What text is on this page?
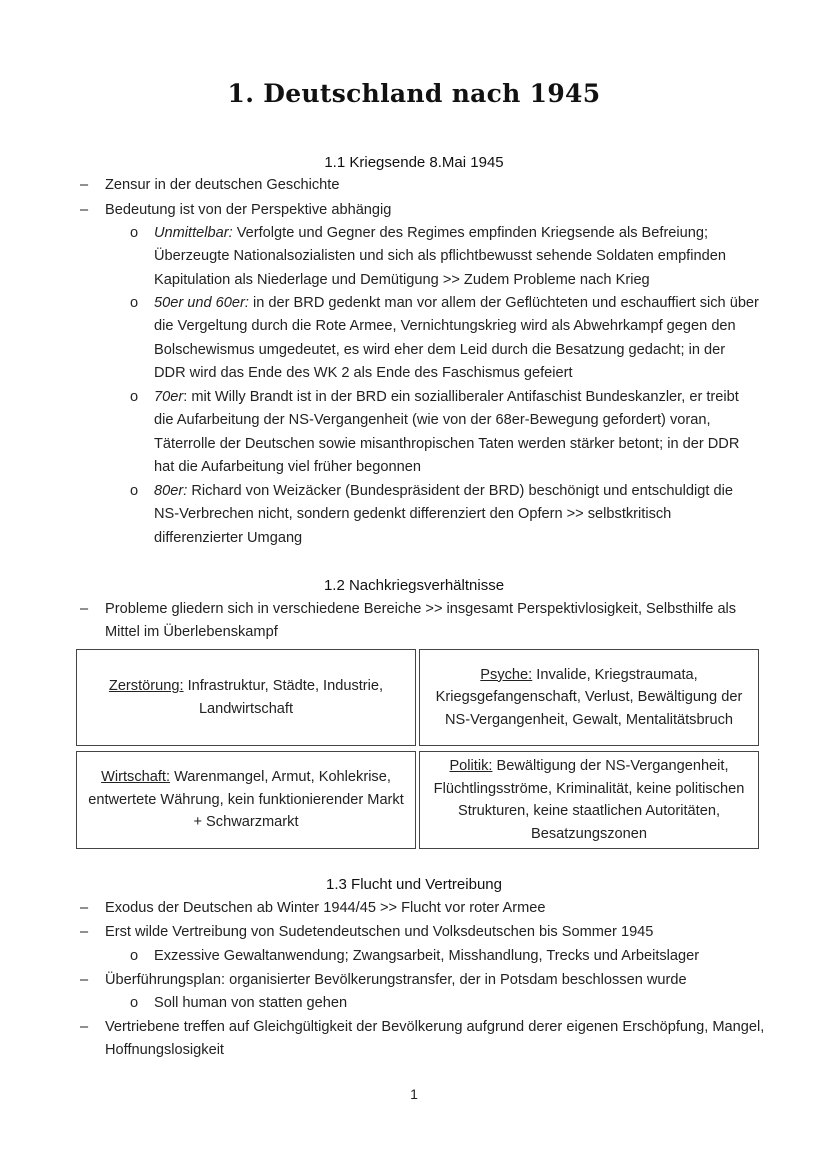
1. Deutschland nach 1945
1.1 Kriegsende 8.Mai 1945
– Zensur in der deutschen Geschichte
– Bedeutung ist von der Perspektive abhängig
o Unmittelbar: Verfolgte und Gegner des Regimes empfinden Kriegsende als Befreiung; Überzeugte Nationalsozialisten und sich als pflichtbewusst sehende Soldaten empfinden Kapitulation als Niederlage und Demütigung >> Zudem Probleme nach Krieg
o 50er und 60er: in der BRD gedenkt man vor allem der Geflüchteten und eschauffiert sich über die Vergeltung durch die Rote Armee, Vernichtungskrieg wird als Abwehrkampf gegen den Bolschewismus umgedeutet, es wird eher dem Leid durch die Besatzung gedacht; in der DDR wird das Ende des WK 2 als Ende des Faschismus gefeiert
o 70er: mit Willy Brandt ist in der BRD ein sozialliberaler Antifaschist Bundeskanzler, er treibt die Aufarbeitung der NS-Vergangenheit (wie von der 68er-Bewegung gefordert) voran, Täterrolle der Deutschen sowie misanthropischen Taten werden stärker betont; in der DDR hat die Aufarbeitung viel früher begonnen
o 80er: Richard von Weizäcker (Bundespräsident der BRD) beschönigt und entschuldigt die NS-Verbrechen nicht, sondern gedenkt differenziert den Opfern >> selbstkritisch differenzierter Umgang
1.2 Nachkriegsverhältnisse
– Probleme gliedern sich in verschiedene Bereiche >> insgesamt Perspektivlosigkeit, Selbsthilfe als Mittel im Überlebenskampf
Zerstörung: Infrastruktur, Städte, Industrie, Landwirtschaft
Psyche: Invalide, Kriegstraumata, Kriegsgefangenschaft, Verlust, Bewältigung der NS-Vergangenheit, Gewalt, Mentalitätsbruch
Wirtschaft: Warenmangel, Armut, Kohlekrise, entwertete Währung, kein funktionierender Markt + Schwarzmarkt
Politik: Bewältigung der NS-Vergangenheit, Flüchtlingsströme, Kriminalität, keine politischen Strukturen, keine staatlichen Autoritäten, Besatzungszonen
1.3 Flucht und Vertreibung
– Exodus der Deutschen ab Winter 1944/45 >> Flucht vor roter Armee
– Erst wilde Vertreibung von Sudetendeutschen und Volksdeutschen bis Sommer 1945
o Exzessive Gewaltanwendung; Zwangsarbeit, Misshandlung, Trecks und Arbeitslager
– Überführungsplan: organisierter Bevölkerungstransfer, der in Potsdam beschlossen wurde
o Soll human von statten gehen
– Vertriebene treffen auf Gleichgültigkeit der Bevölkerung aufgrund derer eigenen Erschöpfung, Mangel, Hoffnungslosigkeit
1
